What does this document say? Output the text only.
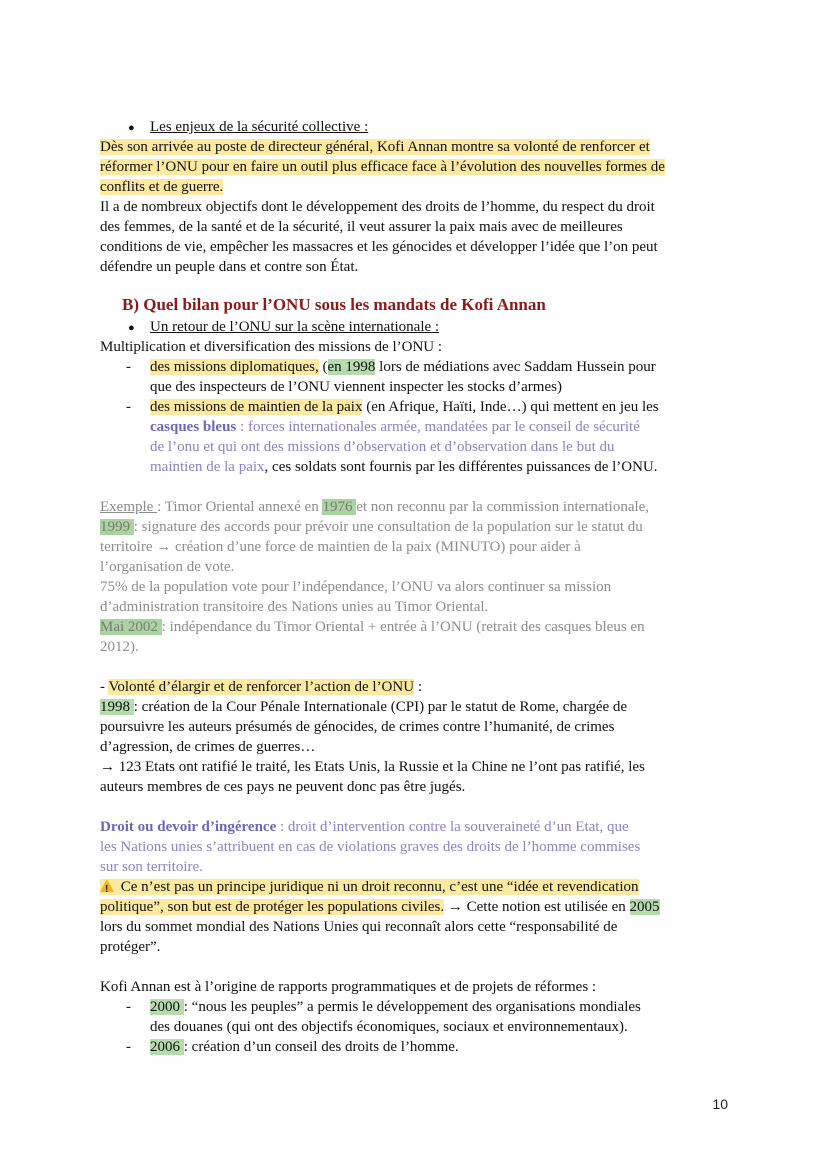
● Les enjeux de la sécurité collective :
Dès son arrivée au poste de directeur général, Kofi Annan montre sa volonté de renforcer et
réformer l’ONU pour en faire un outil plus efficace face à l’évolution des nouvelles formes de
conflits et de guerre.
Il a de nombreux objectifs dont le développement des droits de l’homme, du respect du droit
des femmes, de la santé et de la sécurité, il veut assurer la paix mais avec de meilleures
conditions de vie, empêcher les massacres et les génocides et développer l’idée que l’on peut
défendre un peuple dans et contre son État.
B) Quel bilan pour l’ONU sous les mandats de Kofi Annan
● Un retour de l’ONU sur la scène internationale :
Multiplication et diversification des missions de l’ONU :
- des missions diplomatiques, (en 1998 lors de médiations avec Saddam Hussein pour
que des inspecteurs de l’ONU viennent inspecter les stocks d’armes)
- des missions de maintien de la paix (en Afrique, Haïti, Inde…) qui mettent en jeu les
casques bleus : forces internationales armée, mandatées par le conseil de sécurité
de l’onu et qui ont des missions d’observation et d’observation dans le but du
maintien de la paix, ces soldats sont fournis par les différentes puissances de l’ONU.
Exemple : Timor Oriental annexé en 1976 et non reconnu par la commission internationale,
1999 : signature des accords pour prévoir une consultation de la population sur le statut du
territoire → création d’une force de maintien de la paix (MINUTO) pour aider à
l’organisation de vote.
75% de la population vote pour l’indépendance, l’ONU va alors continuer sa mission
d’administration transitoire des Nations unies au Timor Oriental.
Mai 2002 : indépendance du Timor Oriental + entrée à l’ONU (retrait des casques bleus en
2012).
- Volonté d’élargir et de renforcer l’action de l’ONU :
1998 : création de la Cour Pénale Internationale (CPI) par le statut de Rome, chargée de
poursuivre les auteurs présumés de génocides, de crimes contre l’humanité, de crimes
d’agression, de crimes de guerres…
→ 123 Etats ont ratifié le traité, les Etats Unis, la Russie et la Chine ne l’ont pas ratifié, les
auteurs membres de ces pays ne peuvent donc pas être jugés.
Droit ou devoir d’ingérence : droit d’intervention contre la souveraineté d’un Etat, que
les Nations unies s’attribuent en cas de violations graves des droits de l’homme commises
sur son territoire.
! Ce n’est pas un principe juridique ni un droit reconnu, c’est une “idée et revendication
politique”, son but est de protéger les populations civiles. → Cette notion est utilisée en 2005
lors du sommet mondial des Nations Unies qui reconnaît alors cette “responsabilité de
protéger”.
Kofi Annan est à l’origine de rapports programmatiques et de projets de réformes :
- 2000 : “nous les peuples” a permis le développement des organisations mondiales
des douanes (qui ont des objectifs économiques, sociaux et environnementaux).
- 2006 : création d’un conseil des droits de l’homme.
10
